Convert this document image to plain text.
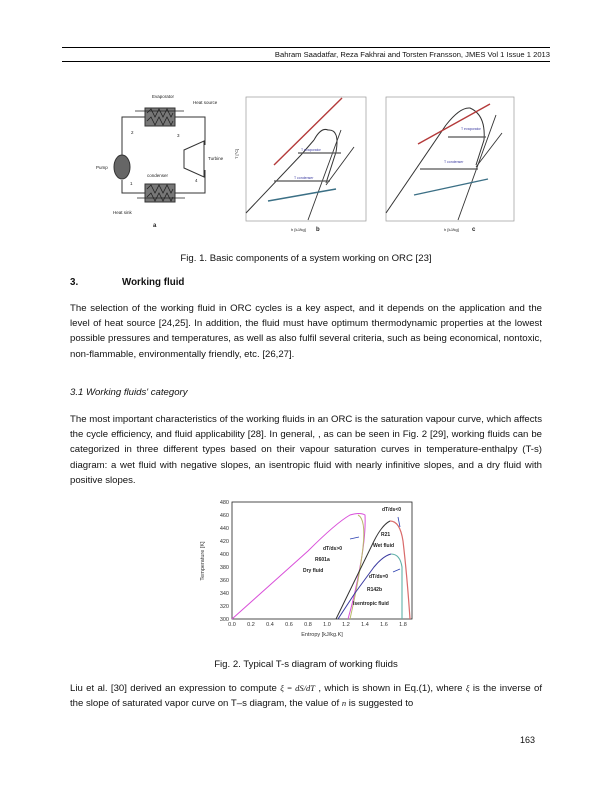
Bahram Saadatfar, Reza Fakhrai and Torsten Fransson, JMES Vol 1 Issue 1 2013
Evaporator
Heat source
Turbine
Pump
condenser
Heat sink
2
3
4
1
a
T evaporator
T condenser
T [°C]
h [kJ/kg] b
T evaporator
T condenser
h [kJ/kg] c
Fig. 1. Basic components of a system working on ORC [23]
3.	Working fluid
The selection of the working fluid in ORC cycles is a key aspect, and it depends on the application and the level of heat source [24,25]. In addition, the fluid must have optimum thermodynamic properties at the lowest possible pressures and temperatures, as well as also fulfil several criteria, such as being economical, nontoxic, non-flammable, environmentally friendly, etc. [26,27].
3.1 Working fluids' category
The most important characteristics of the working fluids in an ORC is the saturation vapour curve, which affects the cycle efficiency, and fluid applicability [28]. In general, , as can be seen in Fig. 2 [29], working fluids can be categorized in three different types based on their vapour saturation curves in temperature-enthalpy (T-s) diagram: a wet fluid with negative slopes, an isentropic fluid with nearly infinitive slopes, and a dry fluid with positive slopes.
300
320
340
360
380
400
420
440
460
480
0.0 0.2 0.4 0.6 0.8 1.0 1.2 1.4 1.6 1.8
Entropy [kJ/kg.K]
Temperature [K]	dT/ds>0
dT/ds<0
R601a
Dry fluid
R21
Wet fluid
dT/ds=0
R142b
Isentropic fluid
Fig. 2. Typical T-s diagram of working fluids
Liu et al. [30] derived an expression to compute ξ = dS/dT , which is shown in Eq.(1), where ξ is the inverse of the slope of saturated vapor curve on T–s diagram, the value of n is suggested to
163
